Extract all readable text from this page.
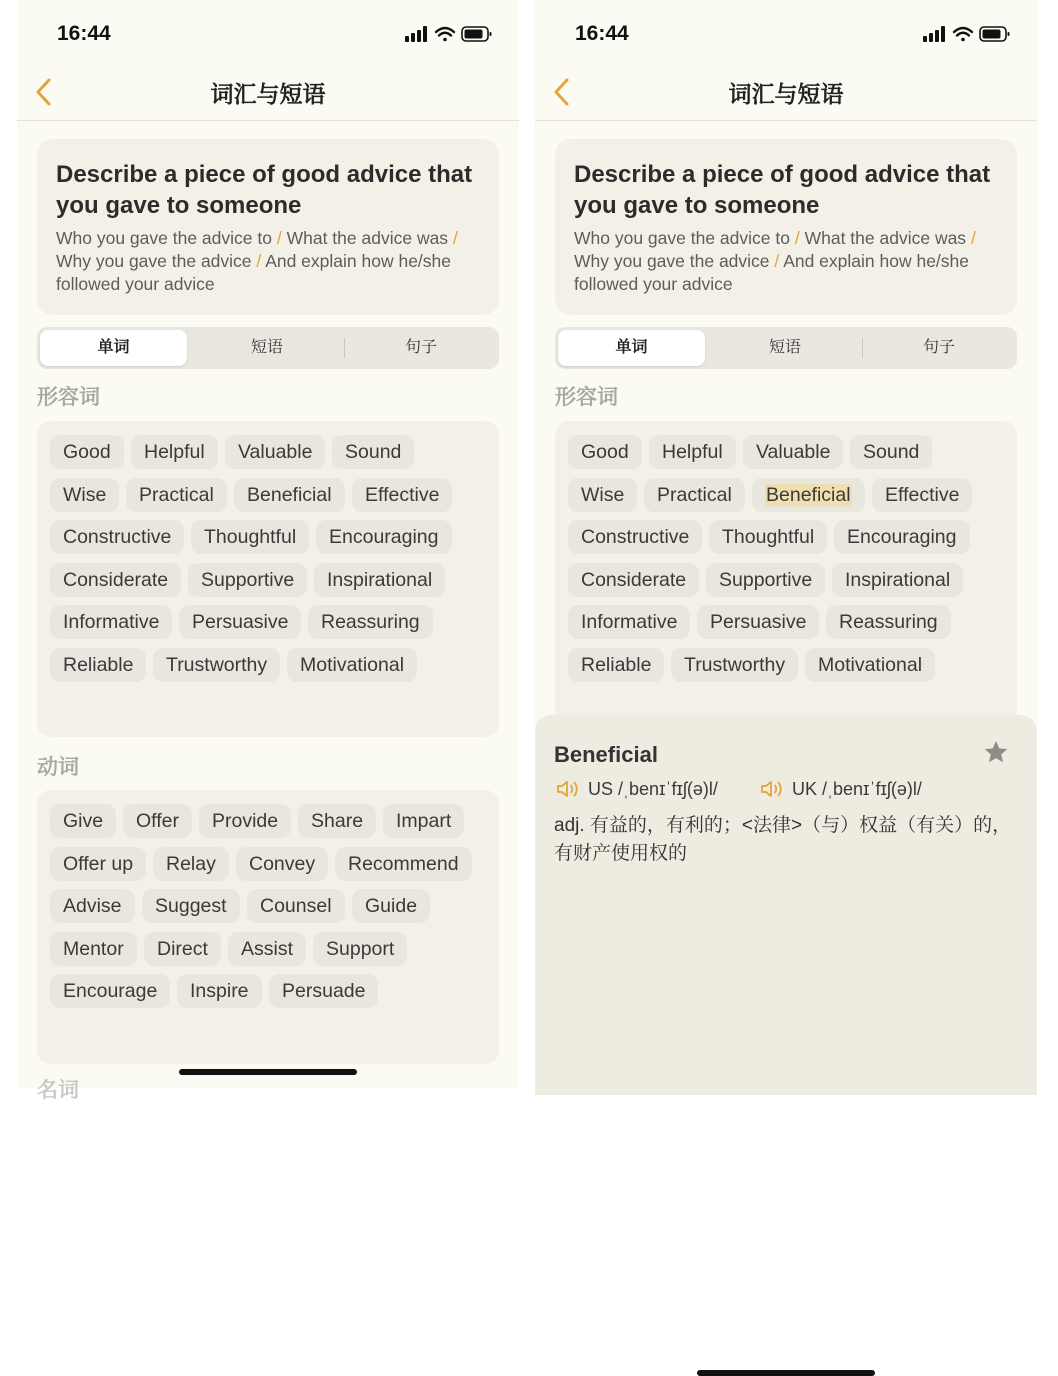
16:44
词汇与短语
Describe a piece of good advice that you gave to someone
Who you gave the advice to / What the advice was / Why you gave the advice / And explain how he/she followed your advice
单词	短语	句子
形容词
Good	Helpful	Valuable	Sound
Wise	Practical	Beneficial	Effective
Constructive	Thoughtful	Encouraging
Considerate	Supportive	Inspirational
Informative	Persuasive	Reassuring
Reliable	Trustworthy	Motivational
动词
Give	Offer	Provide	Share	Impart
Offer up	Relay	Convey	Recommend
Advise	Suggest	Counsel	Guide
Mentor	Direct	Assist	Support
Encourage	Inspire	Persuade
名词
16:44
词汇与短语
Describe a piece of good advice that you gave to someone
Who you gave the advice to / What the advice was / Why you gave the advice / And explain how he/she followed your advice
单词	短语	句子
形容词
Good	Helpful	Valuable	Sound
Wise	Practical	Beneficial	Effective
Constructive	Thoughtful	Encouraging
Considerate	Supportive	Inspirational
Informative	Persuasive	Reassuring
Reliable	Trustworthy	Motivational
Beneficial
US /ˌbenɪˈfɪʃ(ə)l/	UK /ˌbenɪˈfɪʃ(ə)l/
adj. 有益的，有利的；<法律>（与）权益（有关）的，有财产使用权的
